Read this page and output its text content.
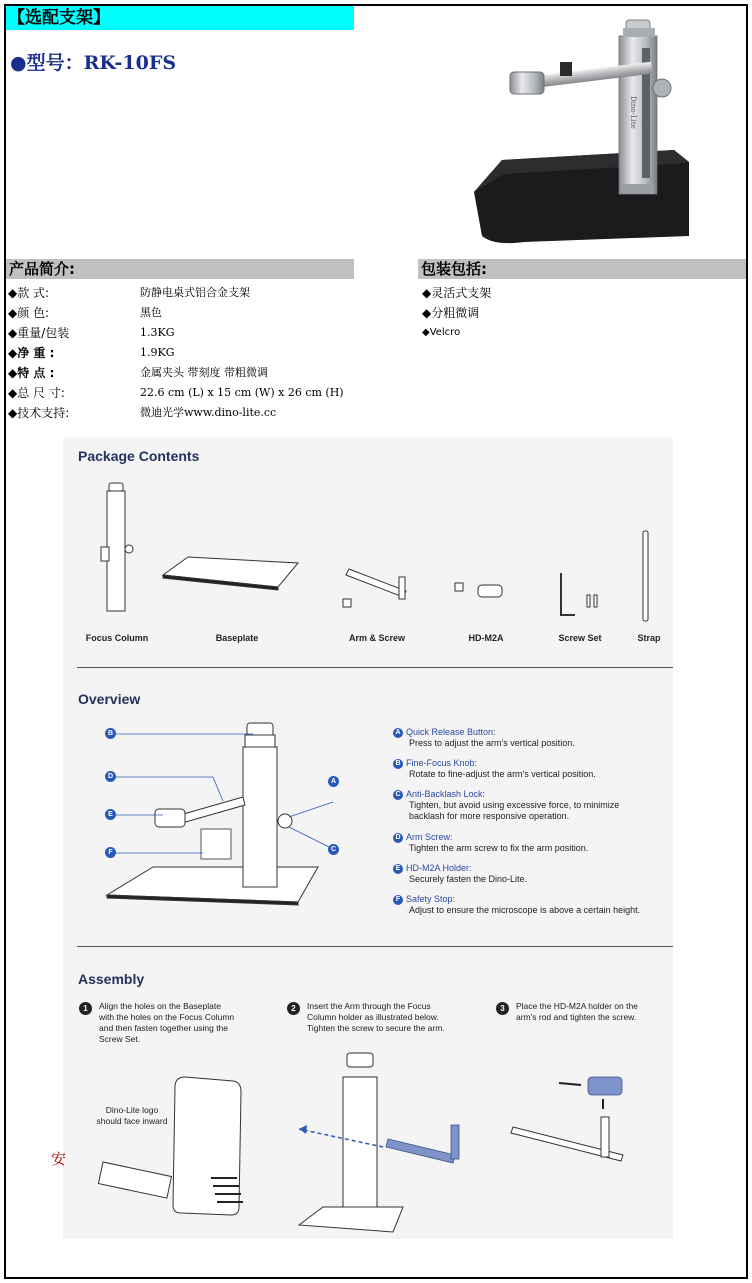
【选配支架】
●型号：RK-10FS
Dino-Lite
产品简介:	包装包括:
◆款 式:	防静电桌式铝合金支架
◆颜 色:	黑色
◆重量/包装	1.3KG
◆净 重 :	1.9KG
◆特 点 :	金属夹头 带刻度 带粗微调
◆总 尺 寸:	22.6 cm (L) x 15 cm (W) x 26 cm (H)
◆技术支持:	微迪光学www.dino-lite.cc
◆灵活式支架
◆分粗微调
◆Velcro
Package Contents
Focus Column	Baseplate	Arm & Screw	HD-M2A	Screw Set	Strap
Overview
B
D
E
F
A
C
A Quick Release Button:
Press to adjust the arm's vertical position.
B Fine-Focus Knob:
Rotate to fine-adjust the arm's vertical position.
C Anti-Backlash Lock:
Tighten, but avoid using excessive force, to minimize
backlash for more responsive operation.
D Arm Screw:
Tighten the arm screw to fix the arm position.
E HD-M2A Holder:
Securely fasten the Dino-Lite.
F Safety Stop:
Adjust to ensure the microscope is above a certain height.
Assembly
1	Align the holes on the Baseplate
with the holes on the Focus Column
and then fasten together using the
Screw Set.
2	Insert the Arm through the Focus
Column holder as illustrated below.
Tighten the screw to secure the arm.
3	Place the HD-M2A holder on the
arm's rod and tighten the screw.
Dino-Lite logo
should face inward
安
